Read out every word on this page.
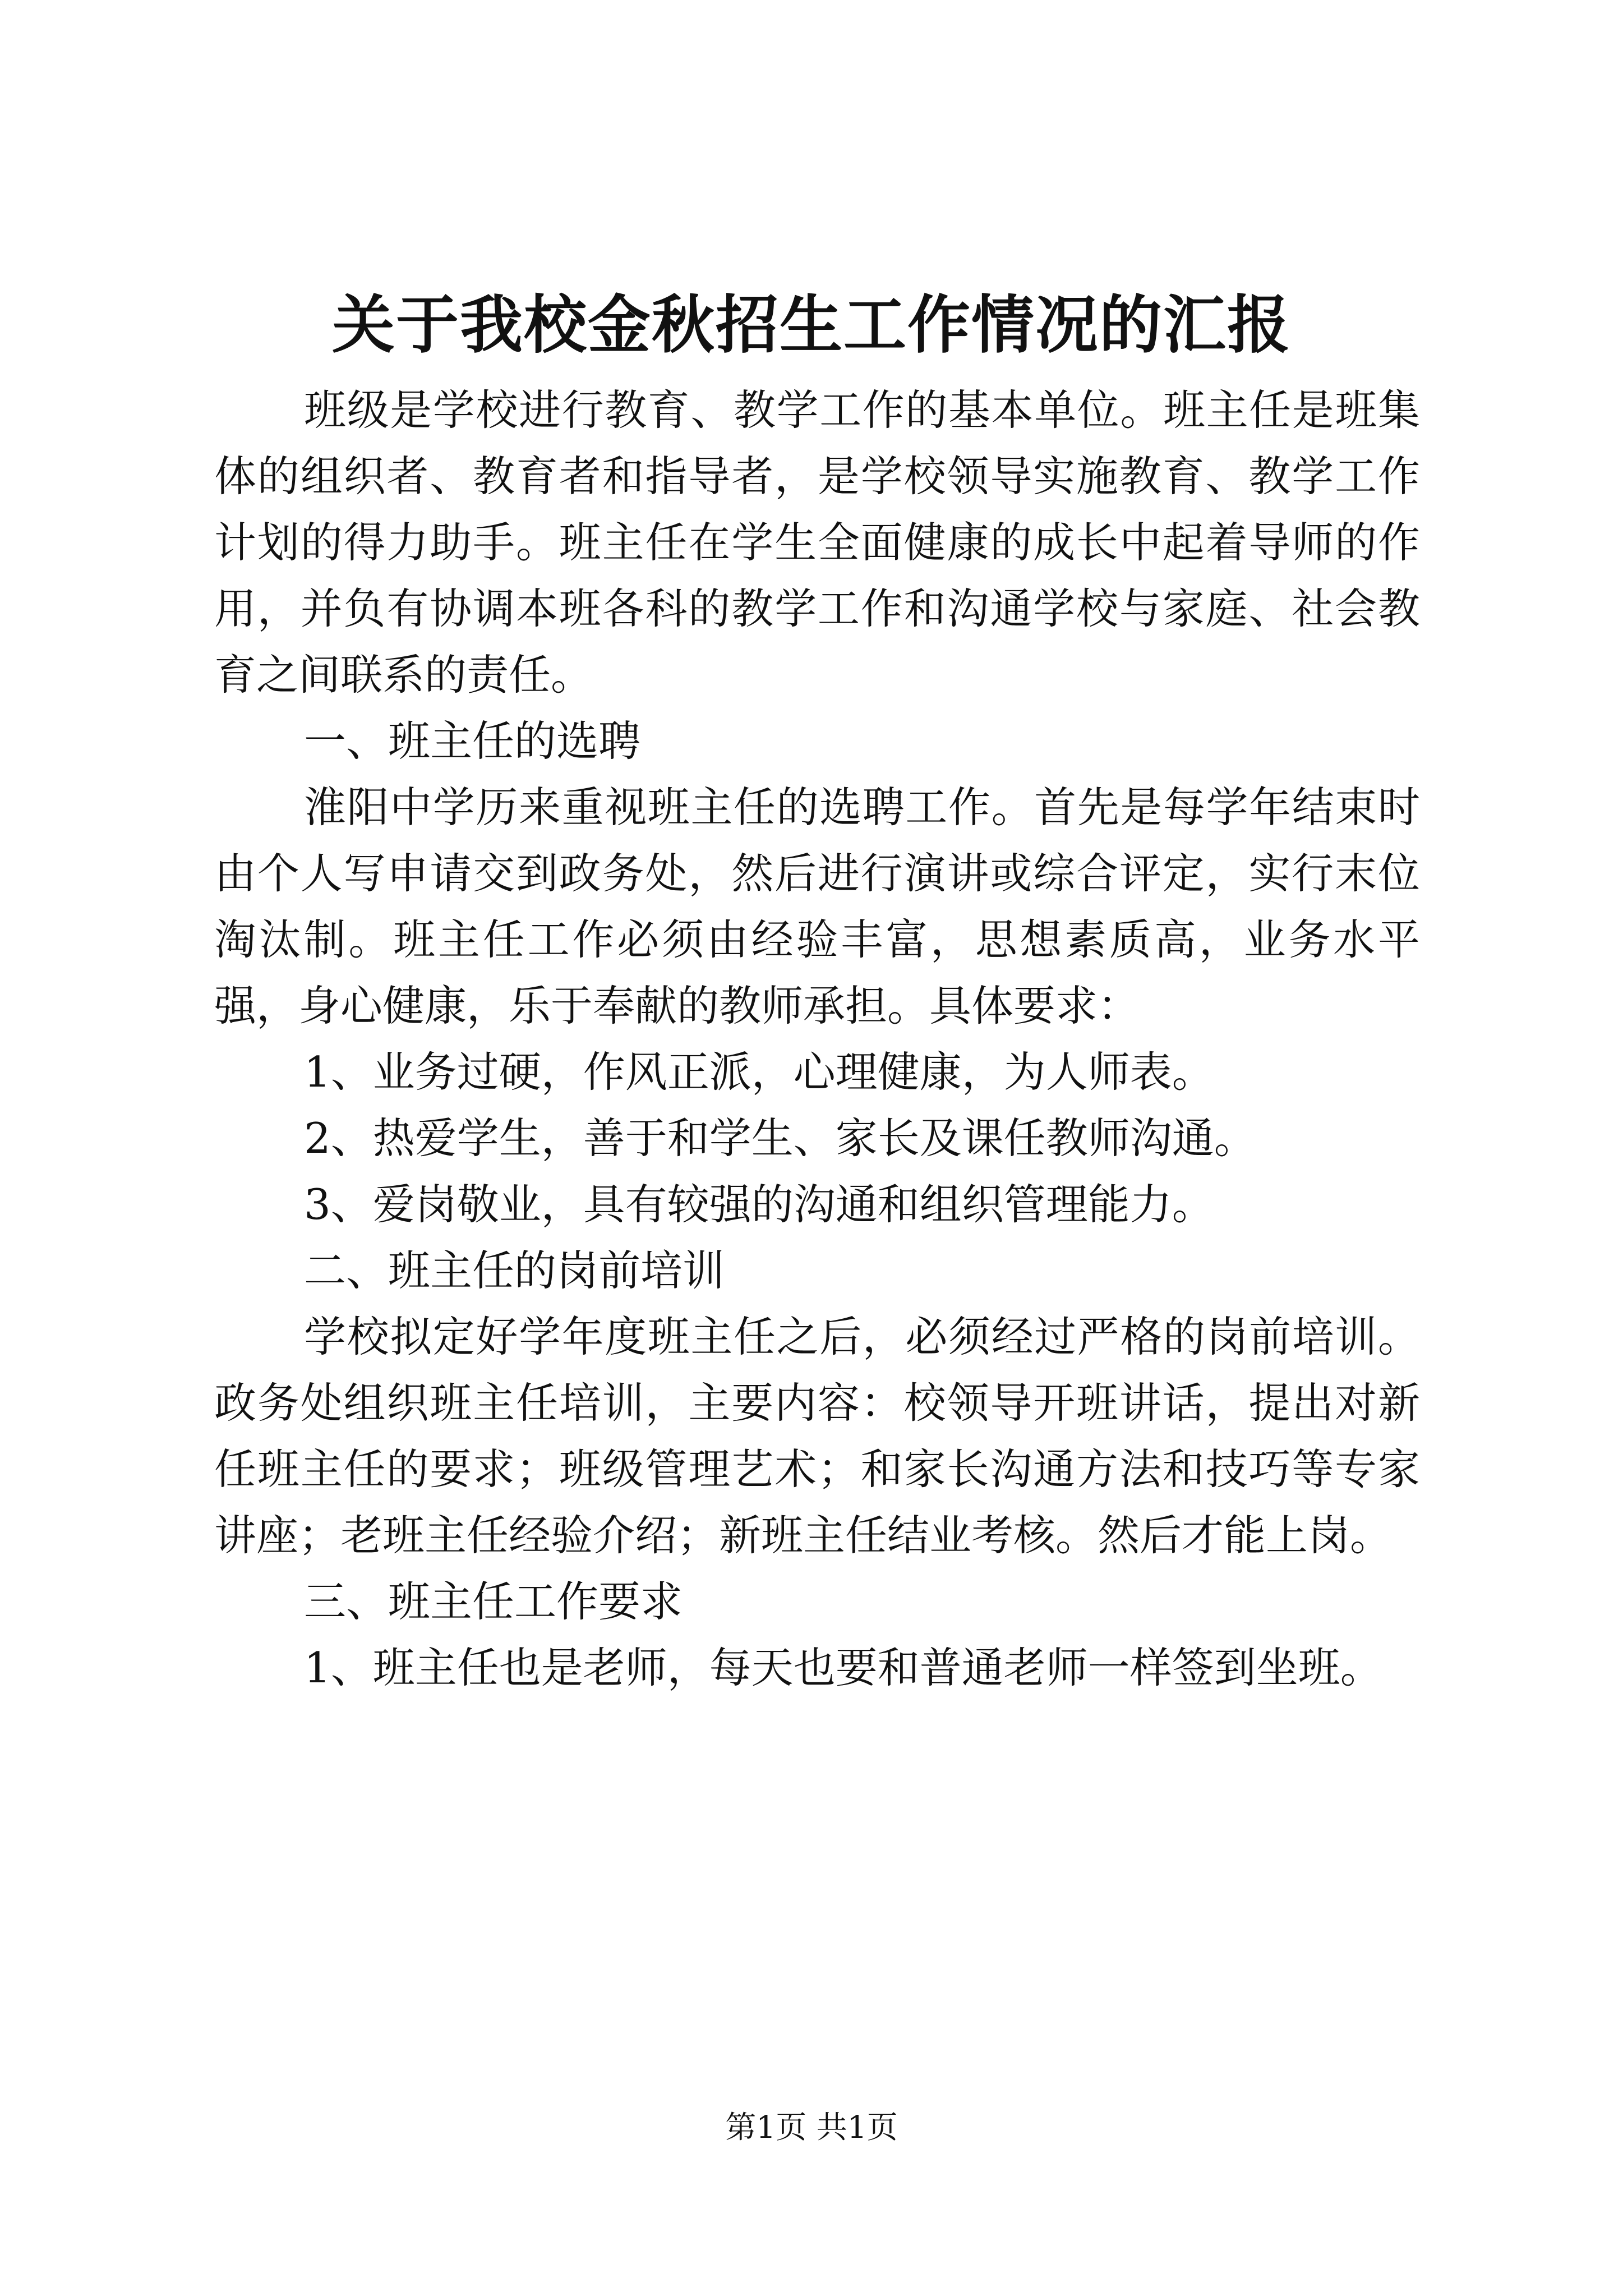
关于我校金秋招生工作情况的汇报

班级是学校进行教育、教学工作的基本单位。班主任是班集体的组织者、教育者和指导者，是学校领导实施教育、教学工作计划的得力助手。班主任在学生全面健康的成长中起着导师的作用，并负有协调本班各科的教学工作和沟通学校与家庭、社会教育之间联系的责任。

一、班主任的选聘

淮阳中学历来重视班主任的选聘工作。首先是每学年结束时由个人写申请交到政务处，然后进行演讲或综合评定，实行末位淘汰制。班主任工作必须由经验丰富，思想素质高，业务水平强，身心健康，乐于奉献的教师承担。具体要求：

1、业务过硬，作风正派，心理健康，为人师表。

2、热爱学生，善于和学生、家长及课任教师沟通。

3、爱岗敬业，具有较强的沟通和组织管理能力。

二、班主任的岗前培训

学校拟定好学年度班主任之后，必须经过严格的岗前培训。政务处组织班主任培训，主要内容：校领导开班讲话，提出对新任班主任的要求；班级管理艺术；和家长沟通方法和技巧等专家讲座；老班主任经验介绍；新班主任结业考核。然后才能上岗。

三、班主任工作要求

1、班主任也是老师，每天也要和普通老师一样签到坐班。

第1页 共1页
